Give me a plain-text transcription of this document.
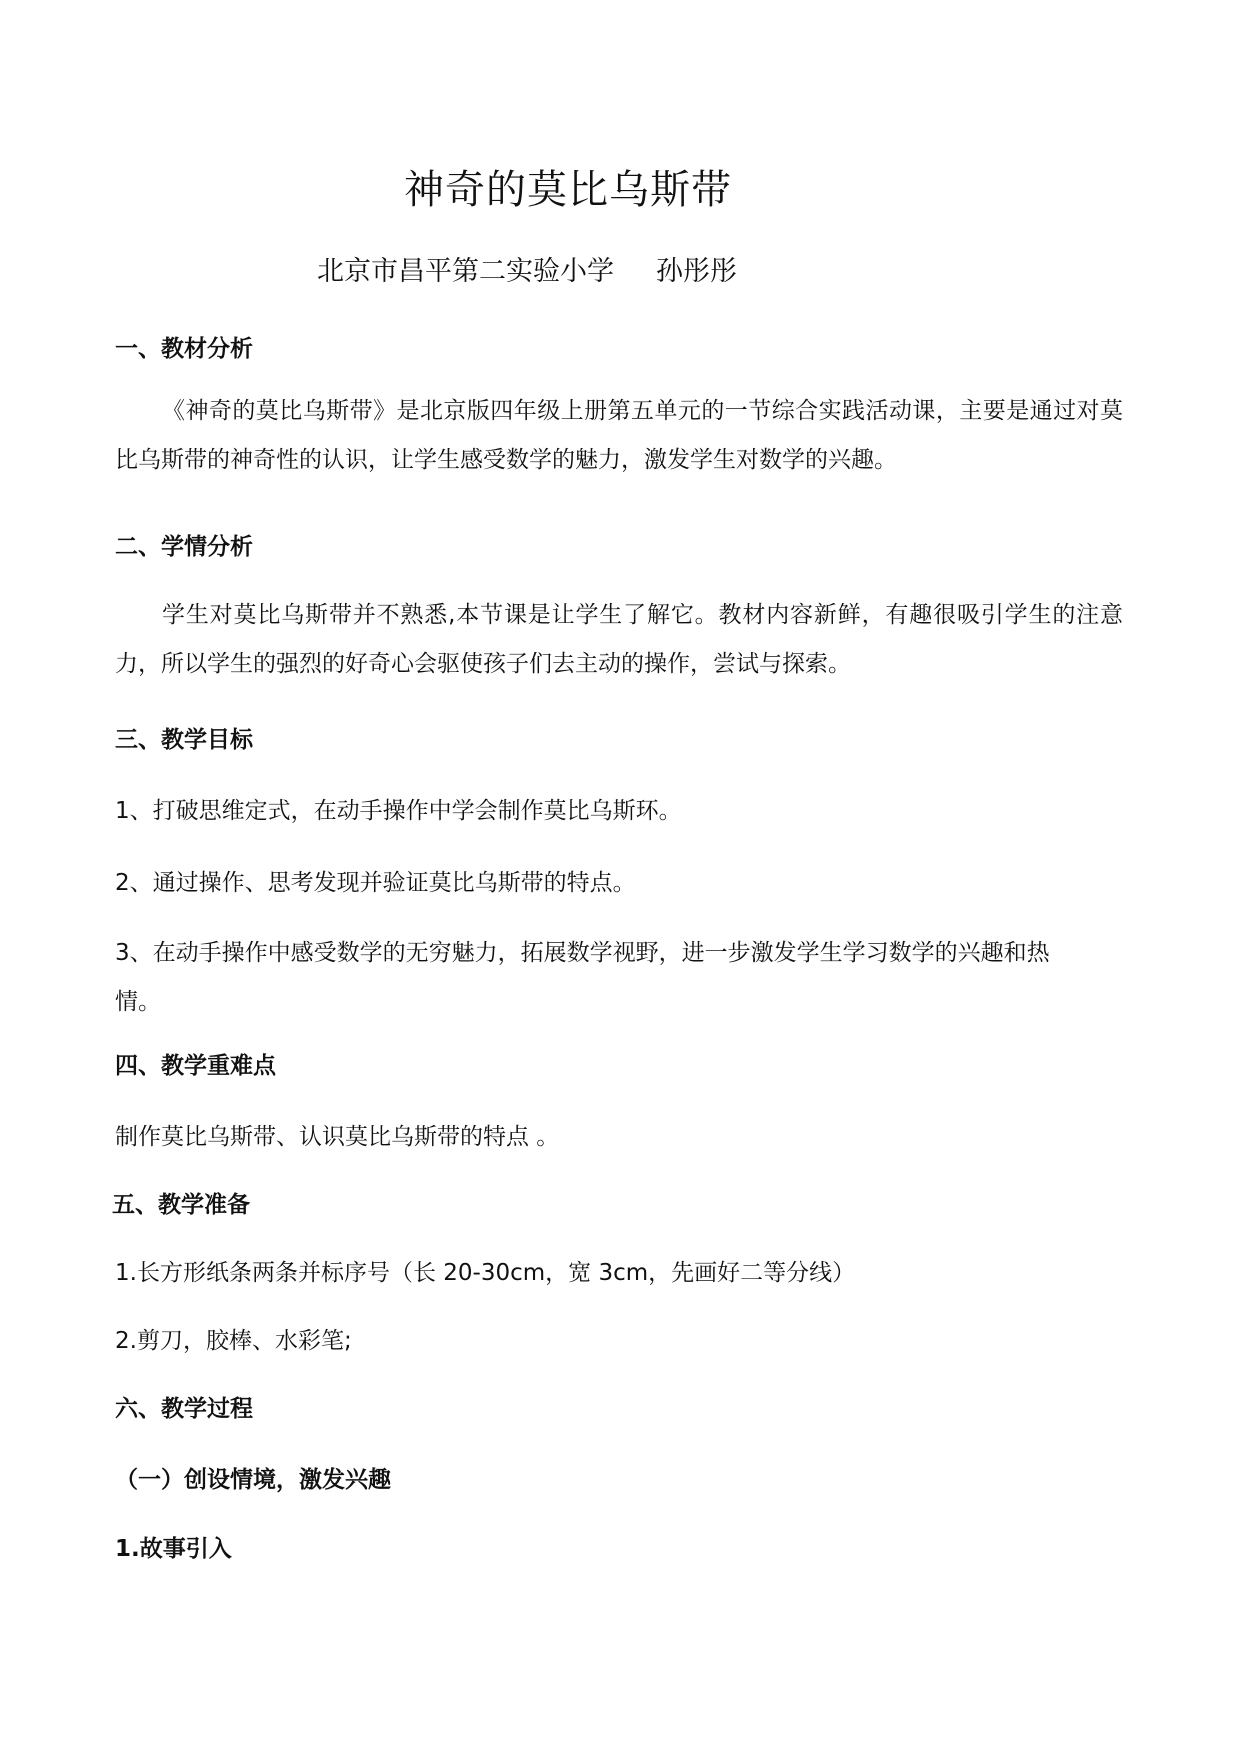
神奇的莫比乌斯带
北京市昌平第二实验小学 孙彤彤
一、教材分析

《神奇的莫比乌斯带》是北京版四年级上册第五单元的一节综合实践活动课，主要是通过对莫比乌斯带的神奇性的认识，让学生感受数学的魅力，激发学生对数学的兴趣。

二、学情分析

学生对莫比乌斯带并不熟悉,本节课是让学生了解它。教材内容新鲜，有趣很吸引学生的注意力，所以学生的强烈的好奇心会驱使孩子们去主动的操作，尝试与探索。

三、教学目标
1、打破思维定式，在动手操作中学会制作莫比乌斯环。
2、通过操作、思考发现并验证莫比乌斯带的特点。
3、在动手操作中感受数学的无穷魅力，拓展数学视野，进一步激发学生学习数学的兴趣和热
情。
四、教学重难点
制作莫比乌斯带、认识莫比乌斯带的特点 。
五、教学准备
1.长方形纸条两条并标序号（长 20-30cm，宽 3cm，先画好二等分线）
2.剪刀，胶棒、水彩笔;
六、教学过程
（一）创设情境，激发兴趣
1.故事引入
